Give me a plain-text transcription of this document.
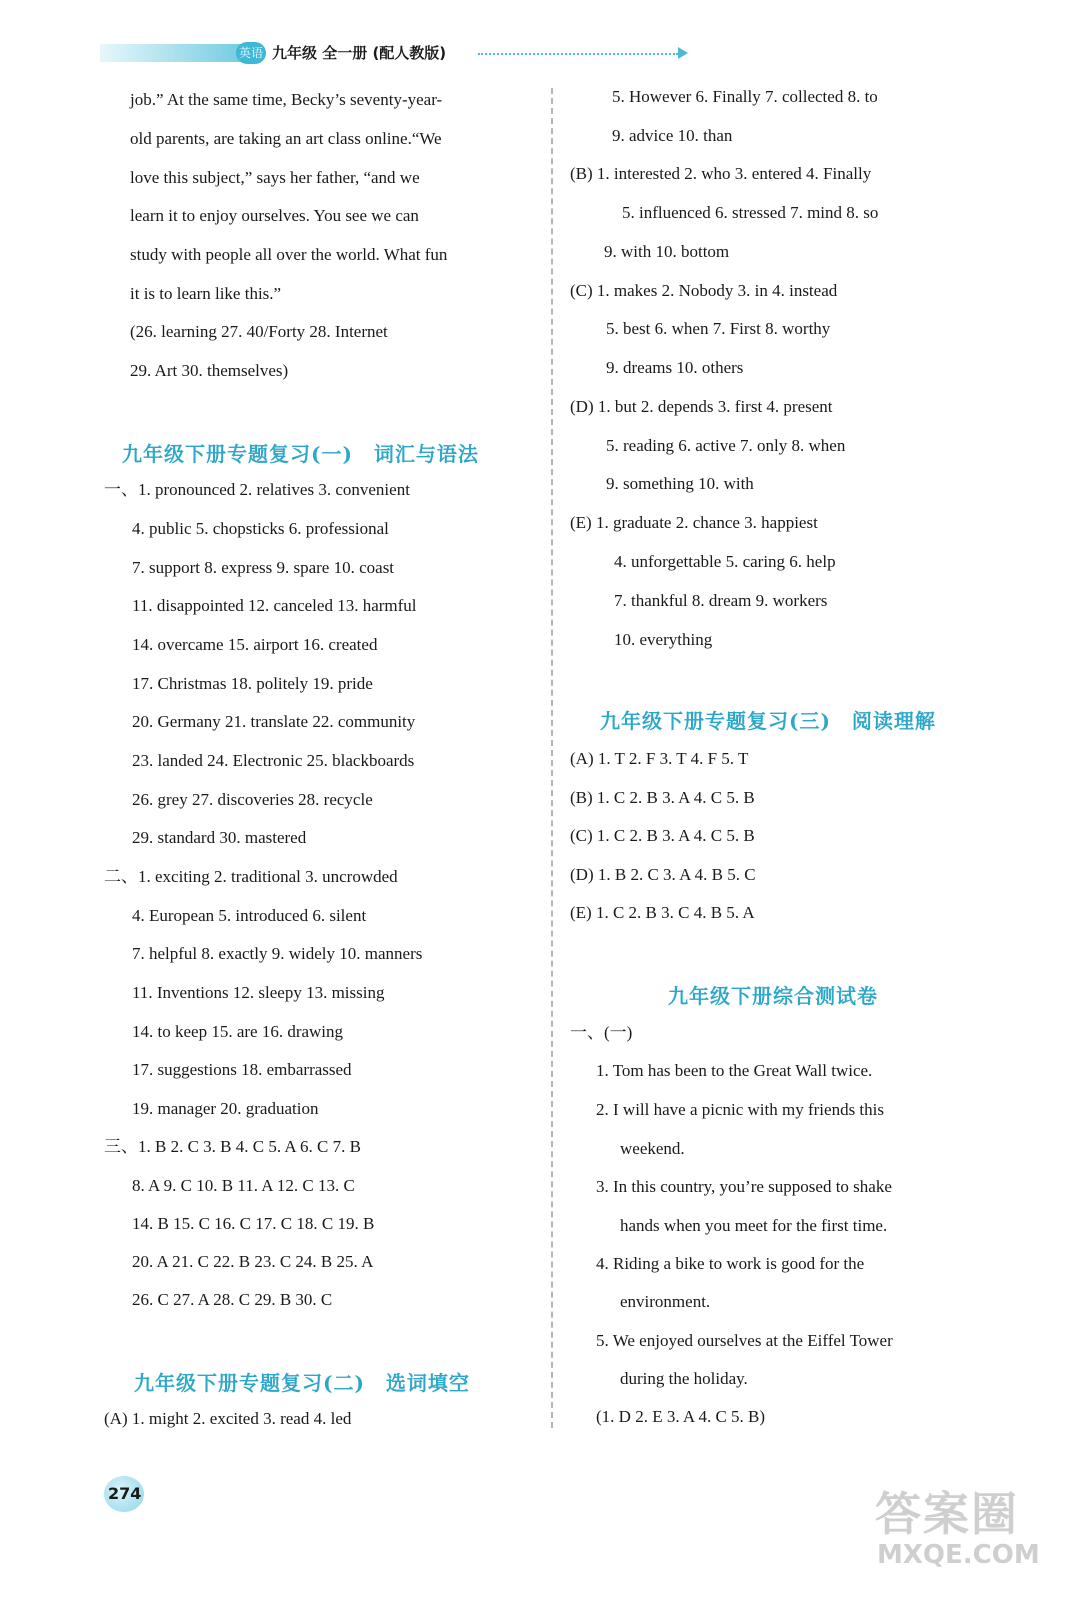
英语 九年级 全一册 (配人教版)
job.” At the same time, Becky’s seventy-year-
old parents, are taking an art class online.“We
love this subject,” says her father, “and we
learn it to enjoy ourselves. You see we can
study with people all over the world. What fun
it is to learn like this.”
(26. learning 27. 40/Forty 28. Internet
29. Art 30. themselves)
九年级下册专题复习(一)　词汇与语法
一、1. pronounced 2. relatives 3. convenient
4. public 5. chopsticks 6. professional
7. support 8. express 9. spare 10. coast
11. disappointed 12. canceled 13. harmful
14. overcame 15. airport 16. created
17. Christmas 18. politely 19. pride
20. Germany 21. translate 22. community
23. landed 24. Electronic 25. blackboards
26. grey 27. discoveries 28. recycle
29. standard 30. mastered
二、1. exciting 2. traditional 3. uncrowded
4. European 5. introduced 6. silent
7. helpful 8. exactly 9. widely 10. manners
11. Inventions 12. sleepy 13. missing
14. to keep 15. are 16. drawing
17. suggestions 18. embarrassed
19. manager 20. graduation
三、1. B 2. C 3. B 4. C 5. A 6. C 7. B
8. A 9. C 10. B 11. A 12. C 13. C
14. B 15. C 16. C 17. C 18. C 19. B
20. A 21. C 22. B 23. C 24. B 25. A
26. C 27. A 28. C 29. B 30. C
九年级下册专题复习(二)　选词填空
(A) 1. might 2. excited 3. read 4. led
5. However 6. Finally 7. collected 8. to
9. advice 10. than
(B) 1. interested 2. who 3. entered 4. Finally
5. influenced 6. stressed 7. mind 8. so
9. with 10. bottom
(C) 1. makes 2. Nobody 3. in 4. instead
5. best 6. when 7. First 8. worthy
9. dreams 10. others
(D) 1. but 2. depends 3. first 4. present
5. reading 6. active 7. only 8. when
9. something 10. with
(E) 1. graduate 2. chance 3. happiest
4. unforgettable 5. caring 6. help
7. thankful 8. dream 9. workers
10. everything
九年级下册专题复习(三)　阅读理解
(A) 1. T 2. F 3. T 4. F 5. T
(B) 1. C 2. B 3. A 4. C 5. B
(C) 1. C 2. B 3. A 4. C 5. B
(D) 1. B 2. C 3. A 4. B 5. C
(E) 1. C 2. B 3. C 4. B 5. A
九年级下册综合测试卷
一、(一)
1. Tom has been to the Great Wall twice.
2. I will have a picnic with my friends this
weekend.
3. In this country, you’re supposed to shake
hands when you meet for the first time.
4. Riding a bike to work is good for the
environment.
5. We enjoyed ourselves at the Eiffel Tower
during the holiday.
(1. D 2. E 3. A 4. C 5. B)
274	答案圈
MXQE.COM
